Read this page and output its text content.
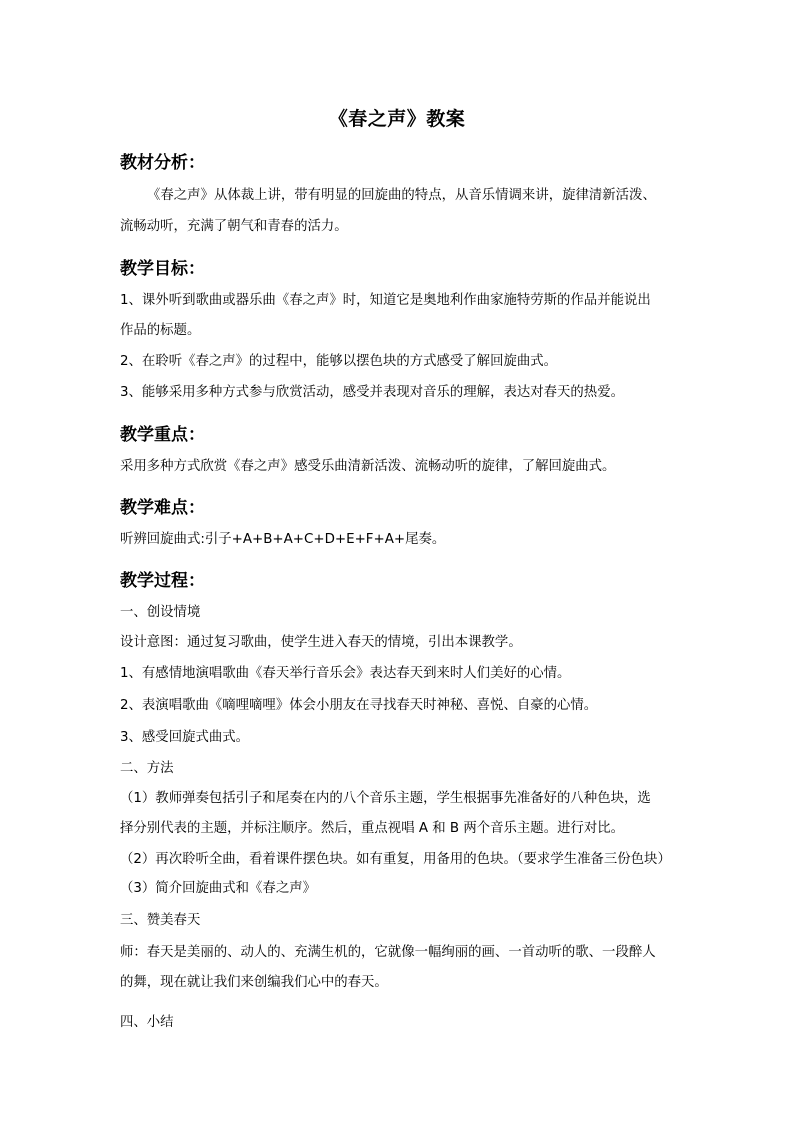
《春之声》教案
教材分析：
《春之声》从体裁上讲，带有明显的回旋曲的特点，从音乐情调来讲，旋律清新活泼、
流畅动听，充满了朝气和青春的活力。
教学目标：
1、课外听到歌曲或器乐曲《春之声》时，知道它是奥地利作曲家施特劳斯的作品并能说出
作品的标题。
2、在聆听《春之声》的过程中，能够以摆色块的方式感受了解回旋曲式。
3、能够采用多种方式参与欣赏活动，感受并表现对音乐的理解，表达对春天的热爱。
教学重点：
采用多种方式欣赏《春之声》感受乐曲清新活泼、流畅动听的旋律，了解回旋曲式。
教学难点：
听辨回旋曲式:引子+A+B+A+C+D+E+F+A+尾奏。
教学过程：
一、创设情境
设计意图：通过复习歌曲，使学生进入春天的情境，引出本课教学。
1、有感情地演唱歌曲《春天举行音乐会》表达春天到来时人们美好的心情。
2、表演唱歌曲《嘀哩嘀哩》体会小朋友在寻找春天时神秘、喜悦、自豪的心情。
3、感受回旋式曲式。
二、方法
（1）教师弹奏包括引子和尾奏在内的八个音乐主题，学生根据事先准备好的八种色块，选
择分别代表的主题，并标注顺序。然后，重点视唱 A 和 B 两个音乐主题。进行对比。
（2）再次聆听全曲，看着课件摆色块。如有重复，用备用的色块。（要求学生准备三份色块）
（3）简介回旋曲式和《春之声》
三、赞美春天
师：春天是美丽的、动人的、充满生机的，它就像一幅绚丽的画、一首动听的歌、一段醉人
的舞，现在就让我们来创编我们心中的春天。
四、小结
